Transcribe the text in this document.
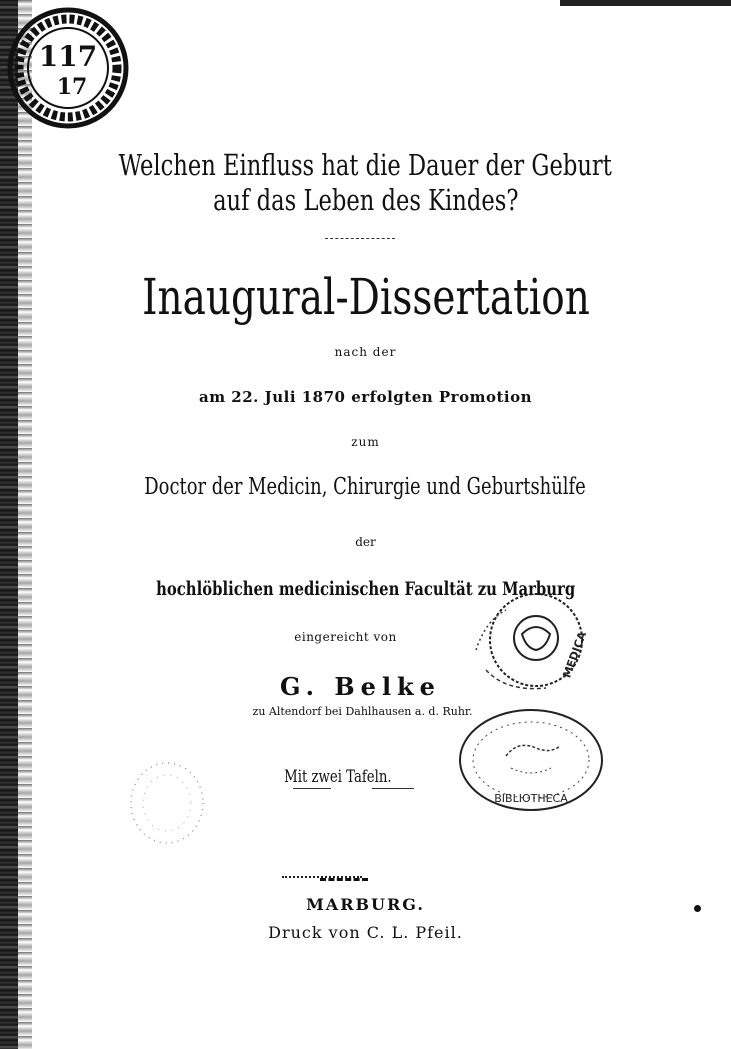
117
17
Welchen Einfluss hat die Dauer der Geburt
auf das Leben des Kindes?
Inaugural-Dissertation
nach der
am 22. Juli 1870 erfolgten Promotion
zum
Doctor der Medicin, Chirurgie und Geburtshülfe
der
hochlöblichen medicinischen Facultät zu Marburg
eingereicht von
G. Belke
zu Altendorf bei Dahlhausen a. d. Ruhr.
Mit zwei Tafeln.
MARBURG.
Druck von C. L. Pfeil.
MEDICA
BIBLIOTHECA
